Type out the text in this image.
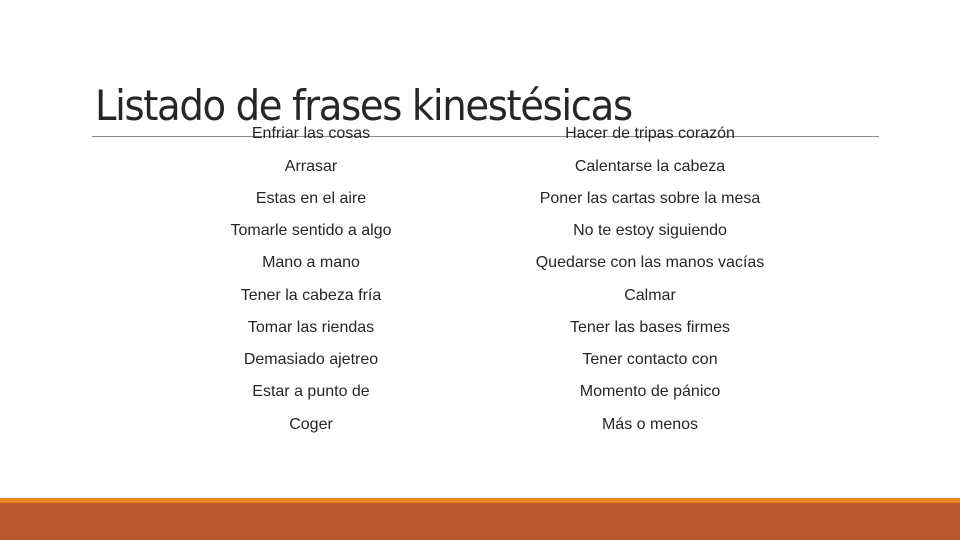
Listado de frases kinestésicas
Enfriar las cosas	Hacer de tripas corazón
Arrasar	Calentarse la cabeza
Estas en el aire	Poner las cartas sobre la mesa
Tomarle sentido a algo	No te estoy siguiendo
Mano a mano	Quedarse con las manos vacías
Tener la cabeza fría	Calmar
Tomar las riendas	Tener las bases firmes
Demasiado ajetreo	Tener contacto con
Estar a punto de	Momento de pánico
Coger	Más o menos
